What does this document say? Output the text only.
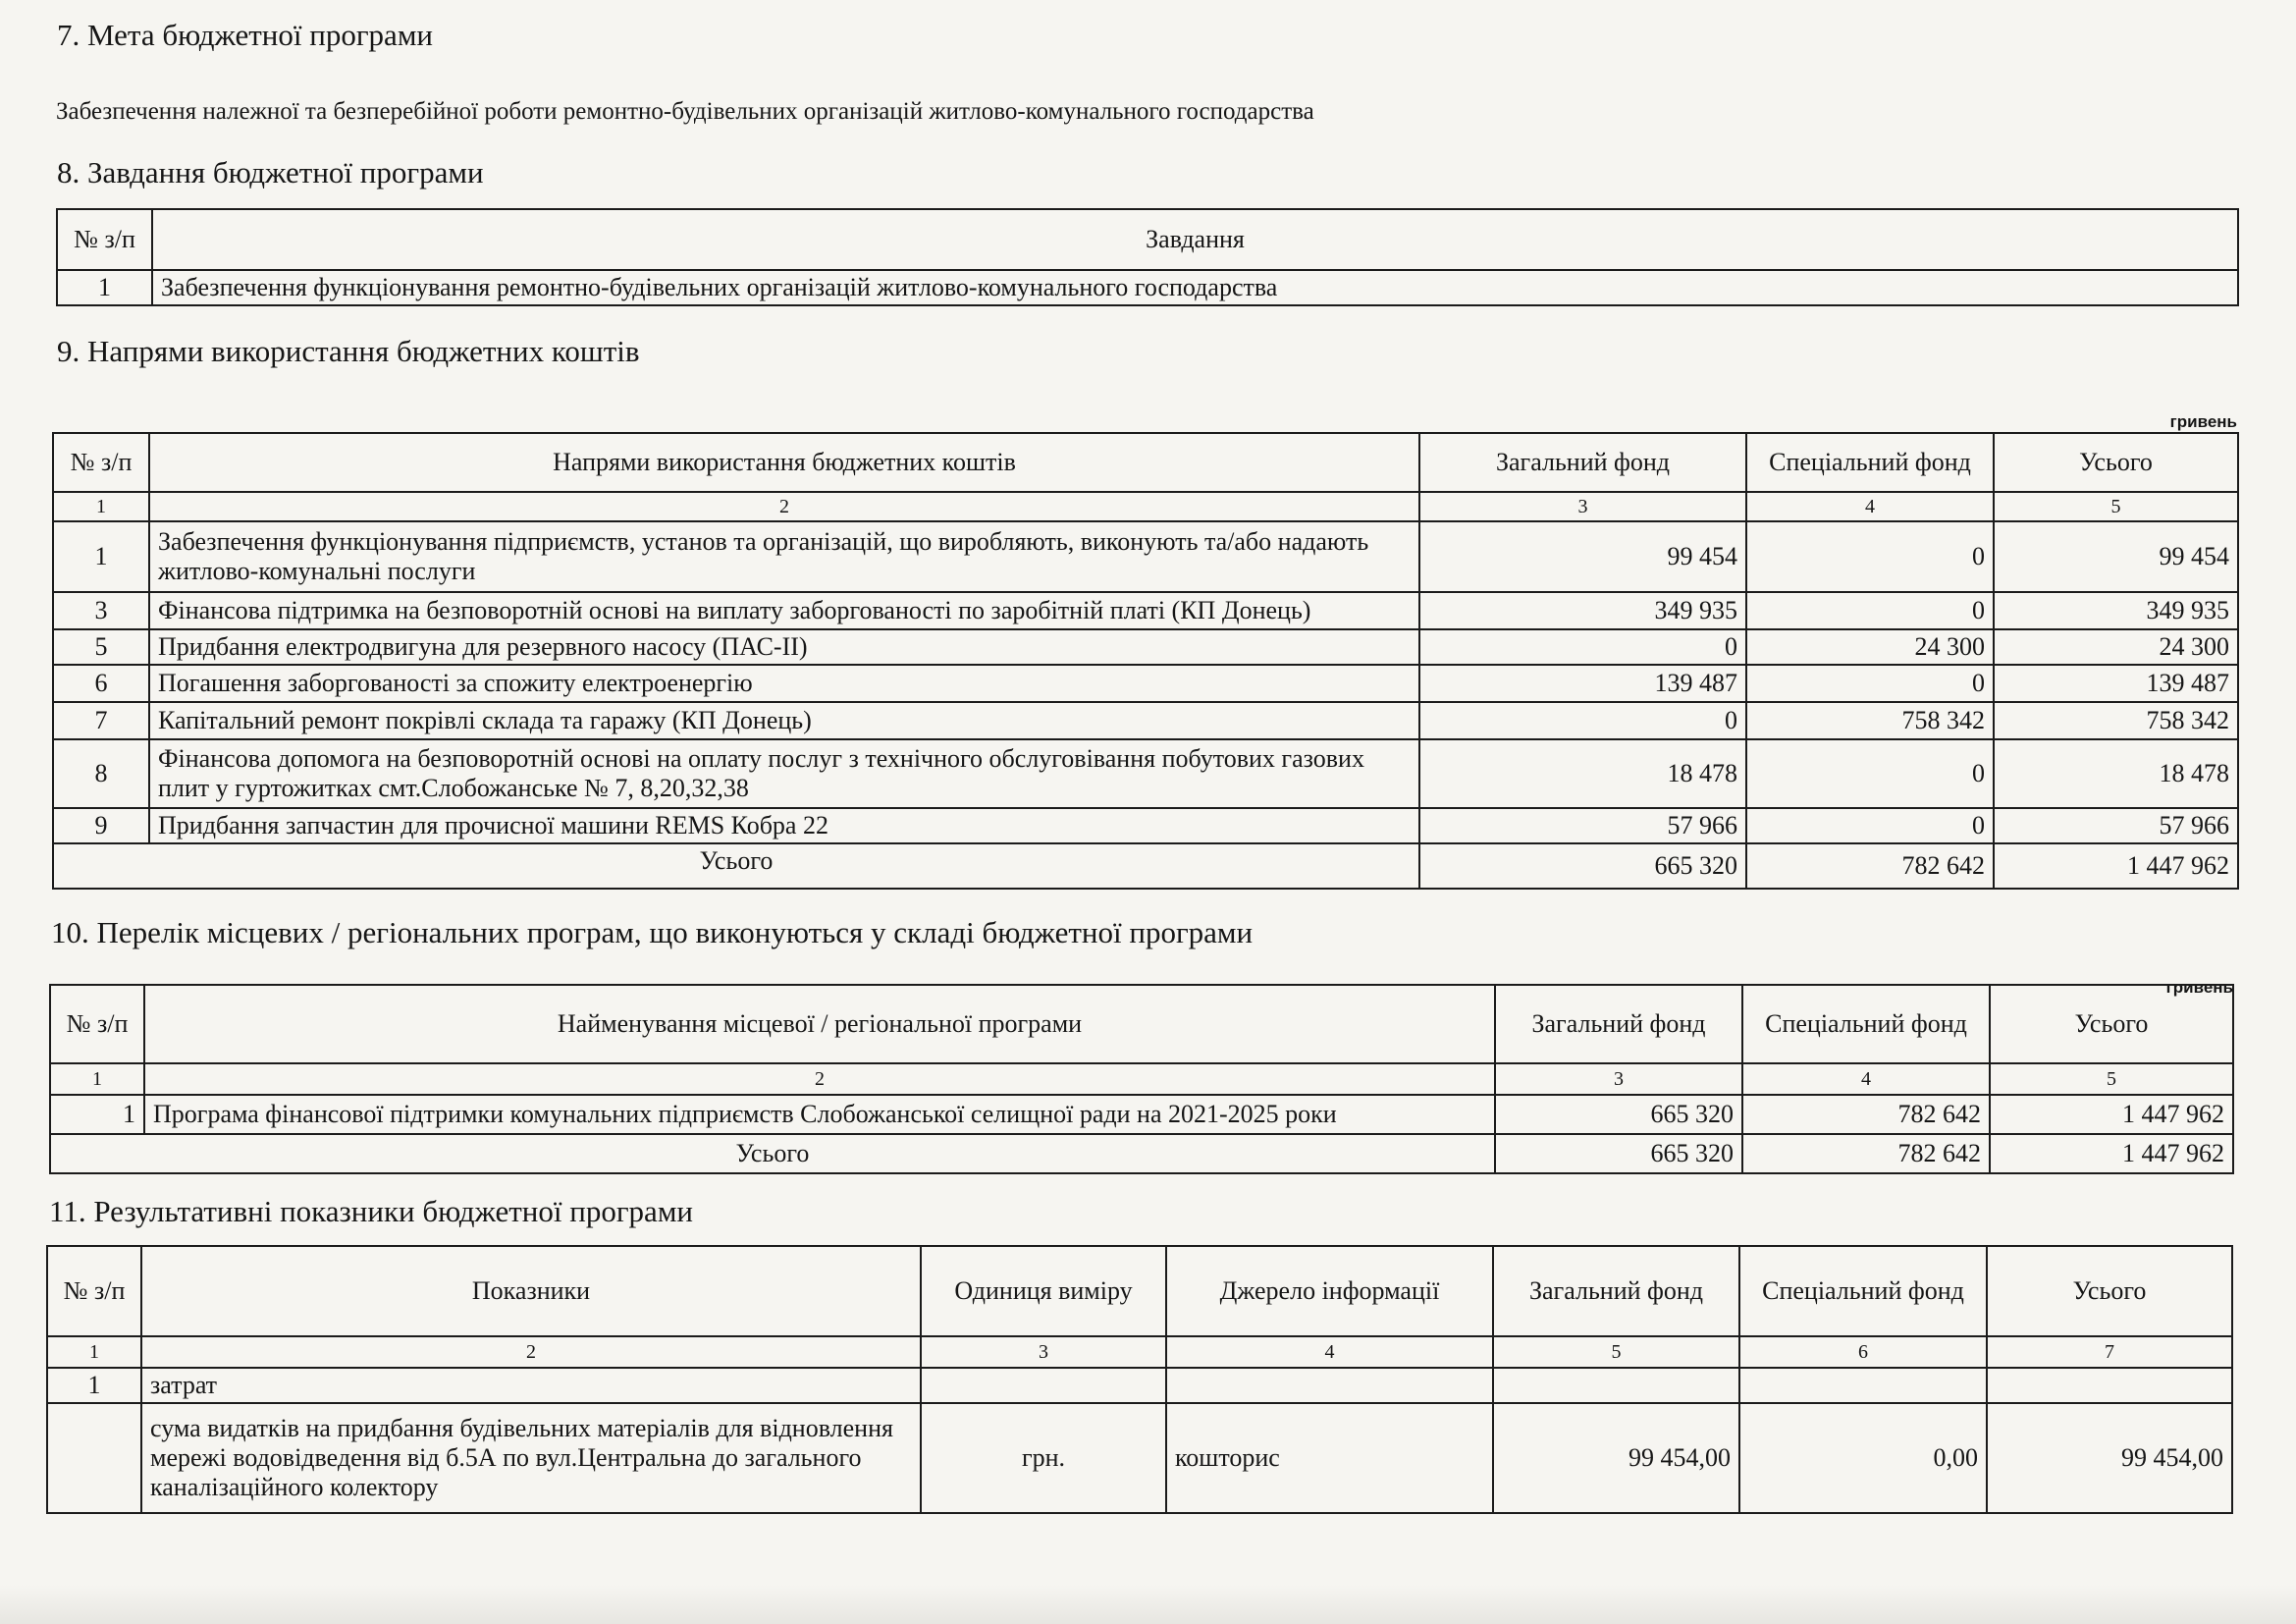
7. Мета бюджетної програми
Забезпечення належної та безперебійної роботи ремонтно-будівельних організацій житлово-комунального господарства
8. Завдання бюджетної програми
№ з/п	Завдання
1	Забезпечення функціонування ремонтно-будівельних організацій житлово-комунального господарства
9. Напрями використання бюджетних коштів
гривень
№ з/п	Напрями використання бюджетних коштів	Загальний фонд	Спеціальний фонд	Усього
1	2	3	4	5
1	Забезпечення функціонування підприємств, установ та організацій, що виробляють, виконують та/або надають житлово-комунальні послуги	99 454	0	99 454
3	Фінансова підтримка на безповоротній основі на виплату заборгованості по заробітній платі (КП Донець)	349 935	0	349 935
5	Придбання електродвигуна для резервного насосу (ПАС-ІІ)	0	24 300	24 300
6	Погашення заборгованості за спожиту електроенергію	139 487	0	139 487
7	Капітальний ремонт покрівлі склада та гаражу (КП Донець)	0	758 342	758 342
8	Фінансова допомога на безповоротній основі на оплату послуг з технічного обслуговівання побутових газових плит у гуртожитках смт.Слобожанське № 7, 8,20,32,38	18 478	0	18 478
9	Придбання запчастин для прочисної машини REMS Кобра 22	57 966	0	57 966
Усього		665 320	782 642	1 447 962
10. Перелік місцевих / регіональних програм, що виконуються у складі бюджетної програми
гривень
№ з/п	Найменування місцевої / регіональної програми	Загальний фонд	Спеціальний фонд	Усього
1	2	3	4	5
1	Програма фінансової підтримки комунальних підприємств Слобожанської селищної ради на 2021-2025 роки	665 320	782 642	1 447 962
Усього		665 320	782 642	1 447 962
11. Результативні показники бюджетної програми
№ з/п	Показники	Одиниця виміру	Джерело інформації	Загальний фонд	Спеціальний фонд	Усього
1	2	3	4	5	6	7
1	затрат					
	сума видатків на придбання будівельних матеріалів для відновлення мережі водовідведення від б.5А по вул.Центральна до загального каналізаційного колектору	грн.	кошторис	99 454,00	0,00	99 454,00
